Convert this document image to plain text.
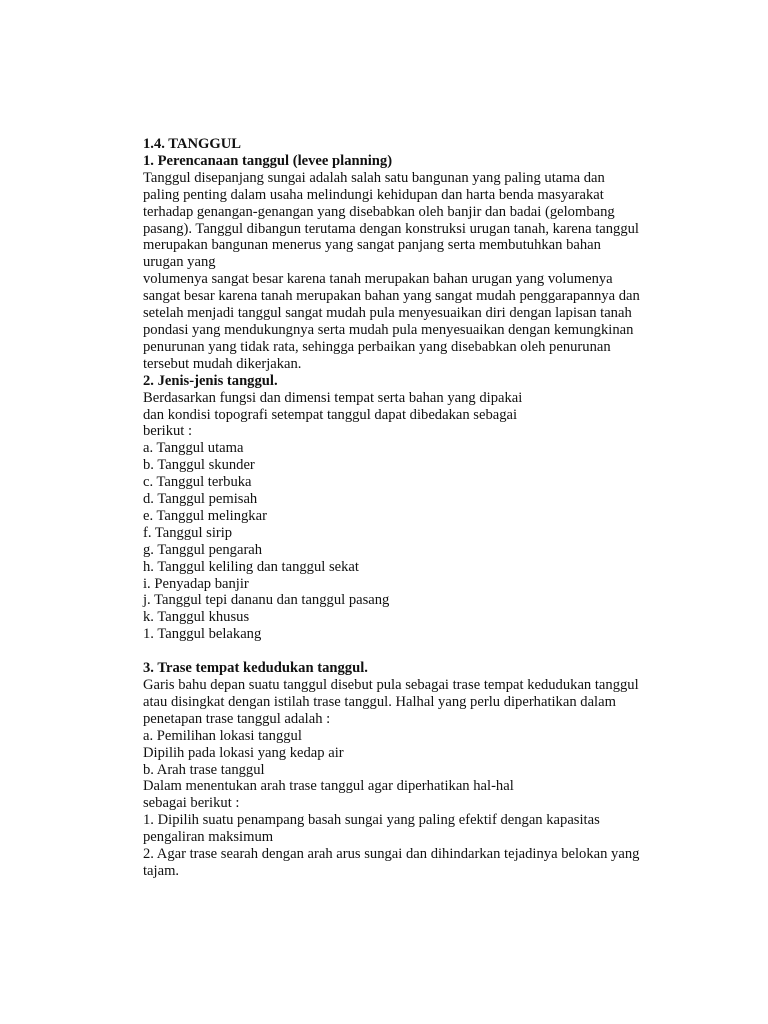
1.4. TANGGUL
1. Perencanaan tanggul (levee planning)
Tanggul disepanjang sungai adalah salah satu bangunan yang paling utama dan
paling penting dalam usaha melindungi kehidupan dan harta benda masyarakat
terhadap genangan-genangan yang disebabkan oleh banjir dan badai (gelombang
pasang). Tanggul dibangun terutama dengan konstruksi urugan tanah, karena tanggul
merupakan bangunan menerus yang sangat panjang serta membutuhkan bahan
urugan yang
volumenya sangat besar karena tanah merupakan bahan urugan yang volumenya
sangat besar karena tanah merupakan bahan yang sangat mudah penggarapannya dan
setelah menjadi tanggul sangat mudah pula menyesuaikan diri dengan lapisan tanah
pondasi yang mendukungnya serta mudah pula menyesuaikan dengan kemungkinan
penurunan yang tidak rata, sehingga perbaikan yang disebabkan oleh penurunan
tersebut mudah dikerjakan.
2. Jenis-jenis tanggul.
Berdasarkan fungsi dan dimensi tempat serta bahan yang dipakai
dan kondisi topografi setempat tanggul dapat dibedakan sebagai
berikut :
a. Tanggul utama
b. Tanggul skunder
c. Tanggul terbuka
d. Tanggul pemisah
e. Tanggul melingkar
f. Tanggul sirip
g. Tanggul pengarah
h. Tanggul keliling dan tanggul sekat
i. Penyadap banjir
j. Tanggul tepi dananu dan tanggul pasang
k. Tanggul khusus
1. Tanggul belakang
3. Trase tempat kedudukan tanggul.
Garis bahu depan suatu tanggul disebut pula sebagai trase tempat kedudukan tanggul
atau disingkat dengan istilah trase tanggul. Halhal yang perlu diperhatikan dalam
penetapan trase tanggul adalah :
a. Pemilihan lokasi tanggul
Dipilih pada lokasi yang kedap air
b. Arah trase tanggul
Dalam menentukan arah trase tanggul agar diperhatikan hal-hal
sebagai berikut :
1. Dipilih suatu penampang basah sungai yang paling efektif dengan kapasitas
pengaliran maksimum
2. Agar trase searah dengan arah arus sungai dan dihindarkan tejadinya belokan yang
tajam.
